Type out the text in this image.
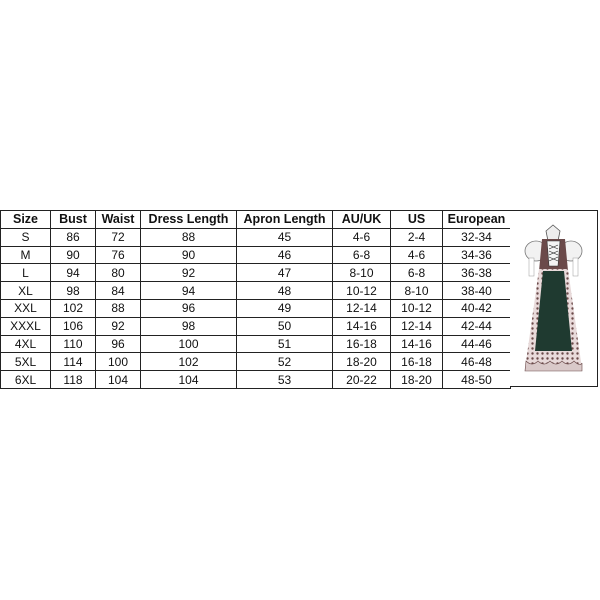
Size	Bust	Waist	Dress Length	Apron Length	AU/UK	US	European
S	86	72	88	45	4-6	2-4	32-34
M	90	76	90	46	6-8	4-6	34-36
L	94	80	92	47	8-10	6-8	36-38
XL	98	84	94	48	10-12	8-10	38-40
XXL	102	88	96	49	12-14	10-12	40-42
XXXL	106	92	98	50	14-16	12-14	42-44
4XL	110	96	100	51	16-18	14-16	44-46
5XL	114	100	102	52	18-20	16-18	46-48
6XL	118	104	104	53	20-22	18-20	48-50
